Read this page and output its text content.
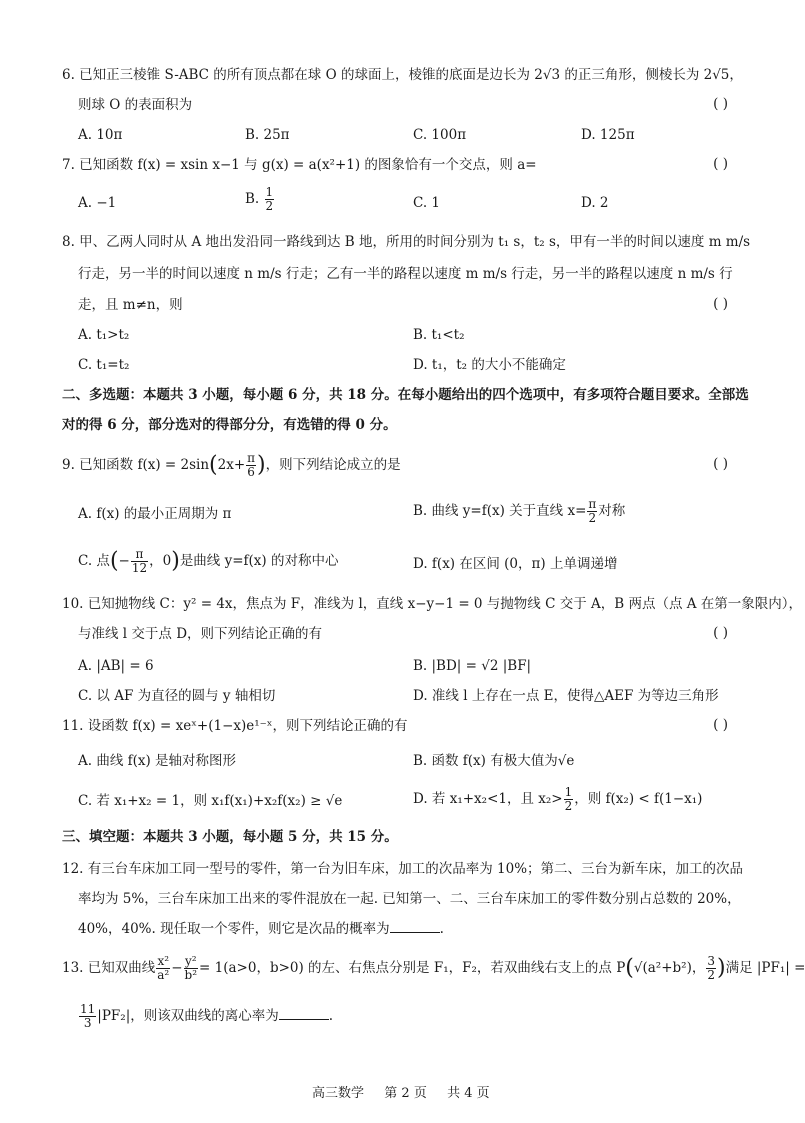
6. 已知正三棱锥 S-ABC 的所有顶点都在球 O 的球面上，棱锥的底面是边长为 2√3 的正三角形，侧棱长为 2√5，
则球 O 的表面积为	( )
A. 10π	B. 25π	C. 100π	D. 125π
7. 已知函数 f(x) = xsin x−1 与 g(x) = a(x²+1) 的图象恰有一个交点，则 a=	( )
A. −1	B. $\frac{1}{2}$	C. 1	D. 2
8. 甲、乙两人同时从 A 地出发沿同一路线到达 B 地，所用的时间分别为 t₁ s，t₂ s，甲有一半的时间以速度 m m/s
行走，另一半的时间以速度 n m/s 行走；乙有一半的路程以速度 m m/s 行走，另一半的路程以速度 n m/s 行
走，且 m≠n，则	( )
A. t₁>t₂	B. t₁<t₂
C. t₁=t₂	D. t₁，t₂ 的大小不能确定
二、多选题：本题共 3 小题，每小题 6 分，共 18 分。在每小题给出的四个选项中，有多项符合题目要求。全部选
对的得 6 分，部分选对的得部分分，有选错的得 0 分。
9. 已知函数 $f(x) = 2\sin(2x+ \frac{\pi}{6}$ )，则下列结论成立的是	( )
A. f(x) 的最小正周期为 π	B. 曲线 y=f(x) 关于直线 $x= \frac{\pi}{2}$ 对称
C. 点(− $\frac{\pi}{12}$ ，0)是曲线 y=f(x) 的对称中心	D. f(x) 在区间 (0，π) 上单调递增
10. 已知抛物线 C：y² = 4x，焦点为 F，准线为 l，直线 x−y−1 = 0 与抛物线 C 交于 A，B 两点（点 A 在第一象限内），
与准线 l 交于点 D，则下列结论正确的有	( )
A. |AB| = 6	B. |BD| = √2 |BF|
C. 以 AF 为直径的圆与 y 轴相切	D. 准线 l 上存在一点 E，使得△AEF 为等边三角形
11. 设函数 f(x) = xeˣ+(1−x)e¹⁻ˣ，则下列结论正确的有	( )
A. 曲线 f(x) 是轴对称图形	B. 函数 f(x) 有极大值为√e
C. 若 x₁+x₂ = 1，则 x₁f(x₁)+x₂f(x₂) ≥ √e	D. 若 x₁+x₂<1，且 $x_2> \frac{1}{2}$ ，则 f(x₂) < f(1−x₁)
三、填空题：本题共 3 小题，每小题 5 分，共 15 分。
12. 有三台车床加工同一型号的零件，第一台为旧车床，加工的次品率为 10%；第二、三台为新车床，加工的次品
率均为 5%，三台车床加工出来的零件混放在一起. 已知第一、二、三台车床加工的零件数分别占总数的 20%，
40%，40%. 现任取一个零件，则它是次品的概率为	.
13. 已知双曲线 $\frac{\text{x²}}{\text{a²}} - \frac{\text{y²}}{\text{b²}} = 1(a>0$，b>0) 的左、右焦点分别是 F₁，F₂，若双曲线右支上的点 P(√(a²+b²)， $\frac{3}{2}$ )满足 |PF₁| =
$\frac{11}{3} |PF_2|$，则该双曲线的离心率为	.
高三数学 第 2 页 共 4 页
